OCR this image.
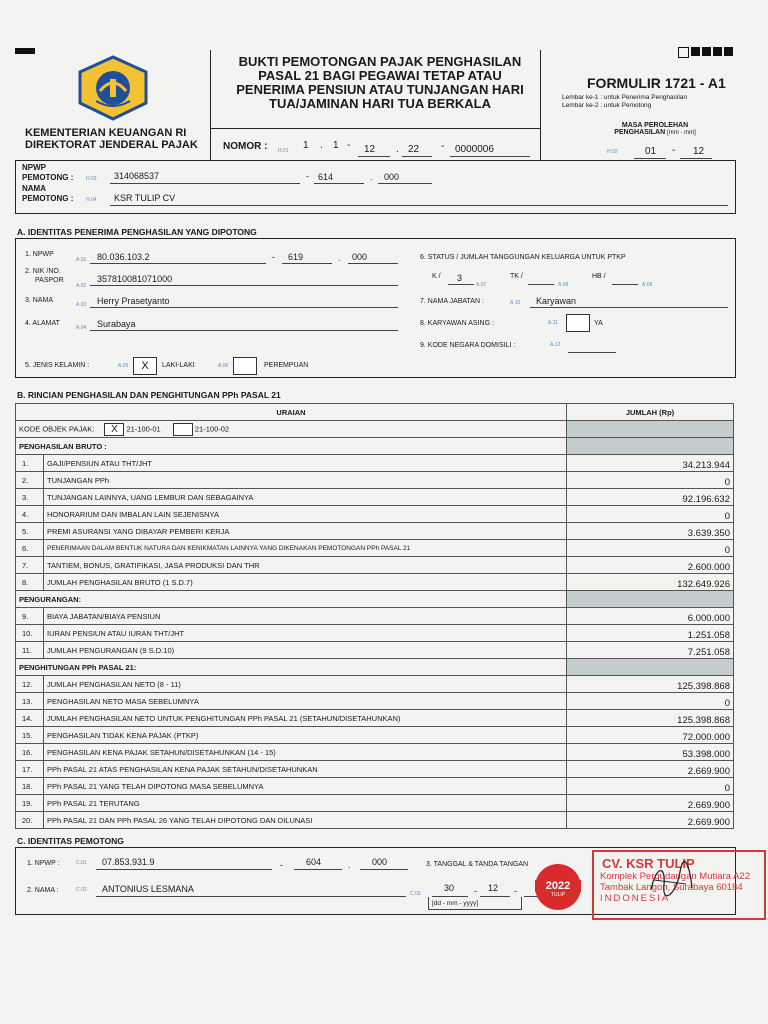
KEMENTERIAN KEUANGAN RI
DIREKTORAT JENDERAL PAJAK
BUKTI PEMOTONGAN PAJAK PENGHASILAN
PASAL 21 BAGI PEGAWAI TETAP ATAU
PENERIMA PENSIUN ATAU TUNJANGAN HARI
TUA/JAMINAN HARI TUA BERKALA
FORMULIR 1721 - A1
Lembar ke-1 : untuk Penerima Penghasilan
Lembar ke-2 : untuk Pemotong
MASA PEROLEHAN
PENGHASILAN [mm - mm]
H.02	01 - 12
NOMOR : H.01 1 . 1 - 12 . 22 - 0000006
NPWP
PEMOTONG :	H.03 314068537	- 614	. 000
NAMA
PEMOTONG :	H.04 KSR TULIP CV
A. IDENTITAS PENERIMA PENGHASILAN YANG DIPOTONG
1. NPWP
A.01 80.036.103.2	- 619	. 000
2. NIK /NO.
PASPOR
A.02
357810081071000
3. NAMA
A.03 Herry Prasetyanto
4. ALAMAT
A.04 Surabaya
5. JENIS KELAMIN :	A.05	X	LAKI-LAKI	A.06	PEREMPUAN
6. STATUS / JUMLAH TANGGUNGAN KELUARGA UNTUK PTKP
K / 3
A.07
TK /
A.08
HB /
A.09
7. NAMA JABATAN :	A.10 Karyawan
8. KARYAWAN ASING :	A.11	YA
9. KODE NEGARA DOMISILI :	A.12
B. RINCIAN PENGHASILAN DAN PENGHITUNGAN PPh PASAL 21
URAIAN		JUMLAH (Rp)
KODE OBJEK PAJAK: X 21-100-01 21-100-02		
PENGHASILAN BRUTO :		
1.	GAJI/PENSIUN ATAU THT/JHT	34.213.944
2.	TUNJANGAN PPh	0
3.	TUNJANGAN LAINNYA, UANG LEMBUR DAN SEBAGAINYA	92.196.632
4.	HONORARIUM DAN IMBALAN LAIN SEJENISNYA	0
5.	PREMI ASURANSI YANG DIBAYAR PEMBERI KERJA	3.639.350
6.	PENERIMAAN DALAM BENTUK NATURA DAN KENIKMATAN LAINNYA YANG DIKENAKAN PEMOTONGAN PPh PASAL 21	0
7.	TANTIEM, BONUS, GRATIFIKASI, JASA PRODUKSI DAN THR	2.600.000
8.	JUMLAH PENGHASILAN BRUTO (1 S.D.7)	132.649.926
PENGURANGAN:		
9.	BIAYA JABATAN/BIAYA PENSIUN	6.000.000
10.	IURAN PENSIUN ATAU IURAN THT/JHT	1.251.058
11.	JUMLAH PENGURANGAN (9 S.D.10)	7.251.058
PENGHITUNGAN PPh PASAL 21:		
12.	JUMLAH PENGHASILAN NETO (8 - 11)	125.398.868
13.	PENGHASILAN NETO MASA SEBELUMNYA	0
14.	JUMLAH PENGHASILAN NETO UNTUK PENGHITUNGAN PPh PASAL 21 (SETAHUN/DISETAHUNKAN)	125.398.868
15.	PENGHASILAN TIDAK KENA PAJAK (PTKP)	72.000.000
16.	PENGHASILAN KENA PAJAK SETAHUN/DISETAHUNKAN (14 - 15)	53.398.000
17.	PPh PASAL 21 ATAS PENGHASILAN KENA PAJAK SETAHUN/DISETAHUNKAN	2.669.900
18.	PPh PASAL 21 YANG TELAH DIPOTONG MASA SEBELUMNYA	0
19.	PPh PASAL 21 TERUTANG	2.669.900
20.	PPh PASAL 21 DAN PPh PASAL 26 YANG TELAH DIPOTONG DAN DILUNASI	2.669.900
C. IDENTITAS PEMOTONG
1. NPWP :	C.01 07.853.931.9	-	604	. 000
2. NAMA :	C.02 ANTONIUS LESMANA
3. TANGGAL & TANDA TANGAN
C.03
30 - 12 -
[dd - mm - yyyy]
2022
TULIP
CV. KSR TULIP
Komplek Pergudangan Mutiara A22
Tambak Langon, Surabaya 60184
INDONESIA
